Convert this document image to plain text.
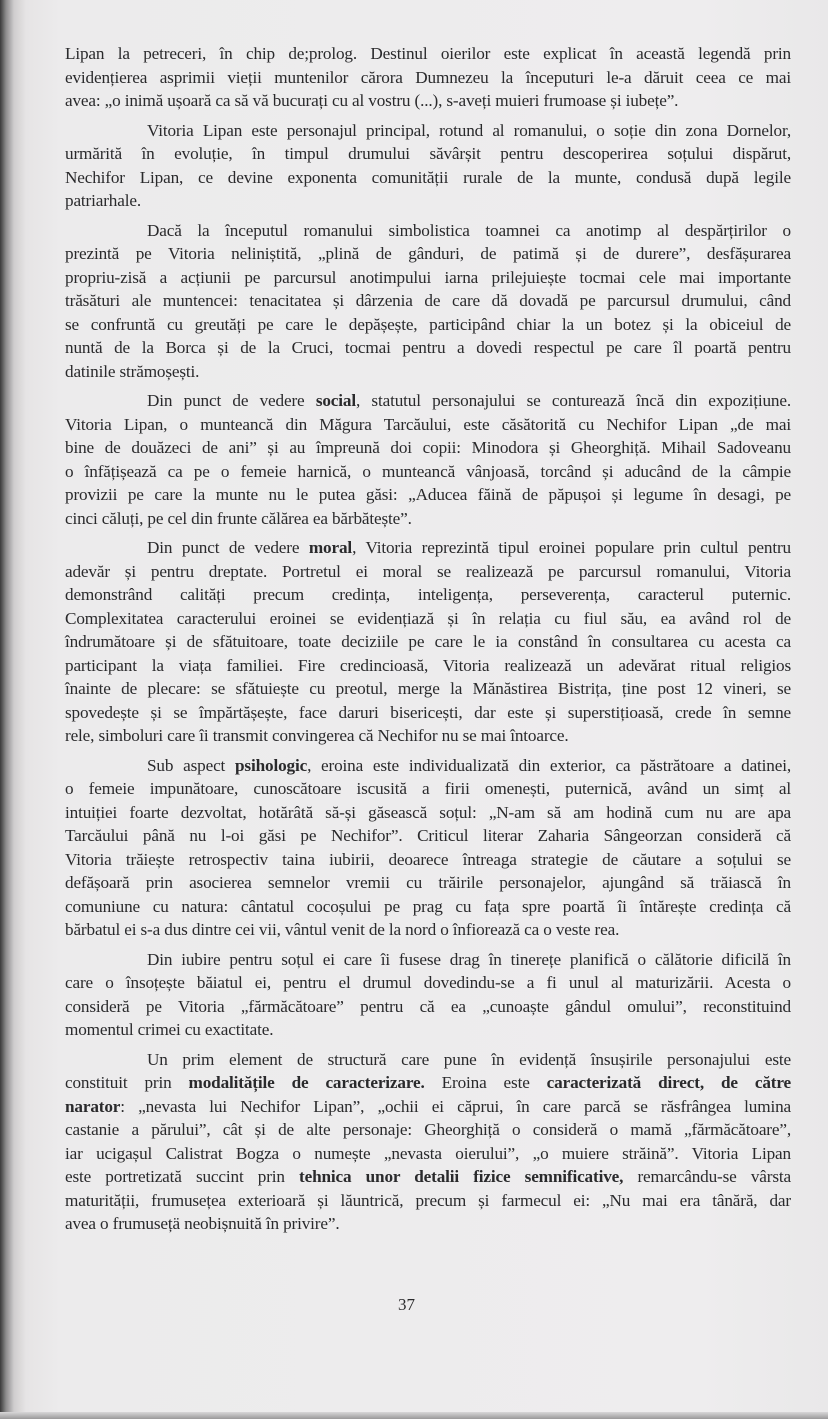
Lipan la petreceri, în chip de;prolog. Destinul oierilor este explicat în această legendă prin
evidențierea asprimii vieții muntenilor cărora Dumnezeu la începuturi le-a dăruit ceea ce mai
avea: „o inimă ușoară ca să vă bucurați cu al vostru (...), s-aveți muieri frumoase și iubețe”.
Vitoria Lipan este personajul principal, rotund al romanului, o soție din zona Dornelor,
urmărită în evoluție, în timpul drumului săvârșit pentru descoperirea soțului dispărut,
Nechifor Lipan, ce devine exponenta comunității rurale de la munte, condusă după legile
patriarhale.
Dacă la începutul romanului simbolistica toamnei ca anotimp al despărțirilor o
prezintă pe Vitoria neliniștită, „plină de gânduri, de patimă și de durere”, desfășurarea
propriu-zisă a acțiunii pe parcursul anotimpului iarna prilejuiește tocmai cele mai importante
trăsături ale muntencei: tenacitatea și dârzenia de care dă dovadă pe parcursul drumului, când
se confruntă cu greutăți pe care le depășește, participând chiar la un botez și la obiceiul de
nuntă de la Borca și de la Cruci, tocmai pentru a dovedi respectul pe care îl poartă pentru
datinile strămoșești.
Din punct de vedere social, statutul personajului se conturează încă din expozițiune.
Vitoria Lipan, o munteancă din Măgura Tarcăului, este căsătorită cu Nechifor Lipan „de mai
bine de douăzeci de ani” și au împreună doi copii: Minodora și Gheorghiță. Mihail Sadoveanu
o înfățișează ca pe o femeie harnică, o munteancă vânjoasă, torcând și aducând de la câmpie
provizii pe care la munte nu le putea găsi: „Aducea făină de păpușoi și legume în desagi, pe
cinci căluți, pe cel din frunte călărea ea bărbătește”.
Din punct de vedere moral, Vitoria reprezintă tipul eroinei populare prin cultul pentru
adevăr și pentru dreptate. Portretul ei moral se realizează pe parcursul romanului, Vitoria
demonstrând calități precum credința, inteligența, perseverența, caracterul puternic.
Complexitatea caracterului eroinei se evidențiază și în relația cu fiul său, ea având rol de
îndrumătoare și de sfătuitoare, toate deciziile pe care le ia constând în consultarea cu acesta ca
participant la viața familiei. Fire credincioasă, Vitoria realizează un adevărat ritual religios
înainte de plecare: se sfătuiește cu preotul, merge la Mănăstirea Bistrița, ține post 12 vineri, se
spovedește și se împărtășește, face daruri bisericești, dar este și superstițioasă, crede în semne
rele, simboluri care îi transmit convingerea că Nechifor nu se mai întoarce.
Sub aspect psihologic, eroina este individualizată din exterior, ca păstrătoare a datinei,
o femeie impunătoare, cunoscătoare iscusită a firii omenești, puternică, având un simț al
intuiției foarte dezvoltat, hotărâtă să-și găsească soțul: „N-am să am hodină cum nu are apa
Tarcăului până nu l-oi găsi pe Nechifor”. Criticul literar Zaharia Sângeorzan consideră că
Vitoria trăiește retrospectiv taina iubirii, deoarece întreaga strategie de căutare a soțului se
defășoară prin asocierea semnelor vremii cu trăirile personajelor, ajungând să trăiască în
comuniune cu natura: cântatul cocoșului pe prag cu fața spre poartă îi întărește credința că
bărbatul ei s-a dus dintre cei vii, vântul venit de la nord o înfiorează ca o veste rea.
Din iubire pentru soțul ei care îi fusese drag în tinerețe planifică o călătorie dificilă în
care o însoțește băiatul ei, pentru el drumul dovedindu-se a fi unul al maturizării. Acesta o
consideră pe Vitoria „fărmăcătoare” pentru că ea „cunoaște gândul omului”, reconstituind
momentul crimei cu exactitate.
Un prim element de structură care pune în evidență însușirile personajului este
constituit prin modalitățile de caracterizare. Eroina este caracterizată direct, de către
narator: „nevasta lui Nechifor Lipan”, „ochii ei căprui, în care parcă se răsfrângea lumina
castanie a părului”, cât și de alte personaje: Gheorghiță o consideră o mamă „fărmăcătoare”,
iar ucigașul Calistrat Bogza o numește „nevasta oierului”, „o muiere străină”. Vitoria Lipan
este portretizată succint prin tehnica unor detalii fizice semnificative, remarcându-se vârsta
maturității, frumusețea exterioară și lăuntrică, precum și farmecul ei: „Nu mai era tânără, dar
avea o frumusețä neobișnuită în privire”.
37
